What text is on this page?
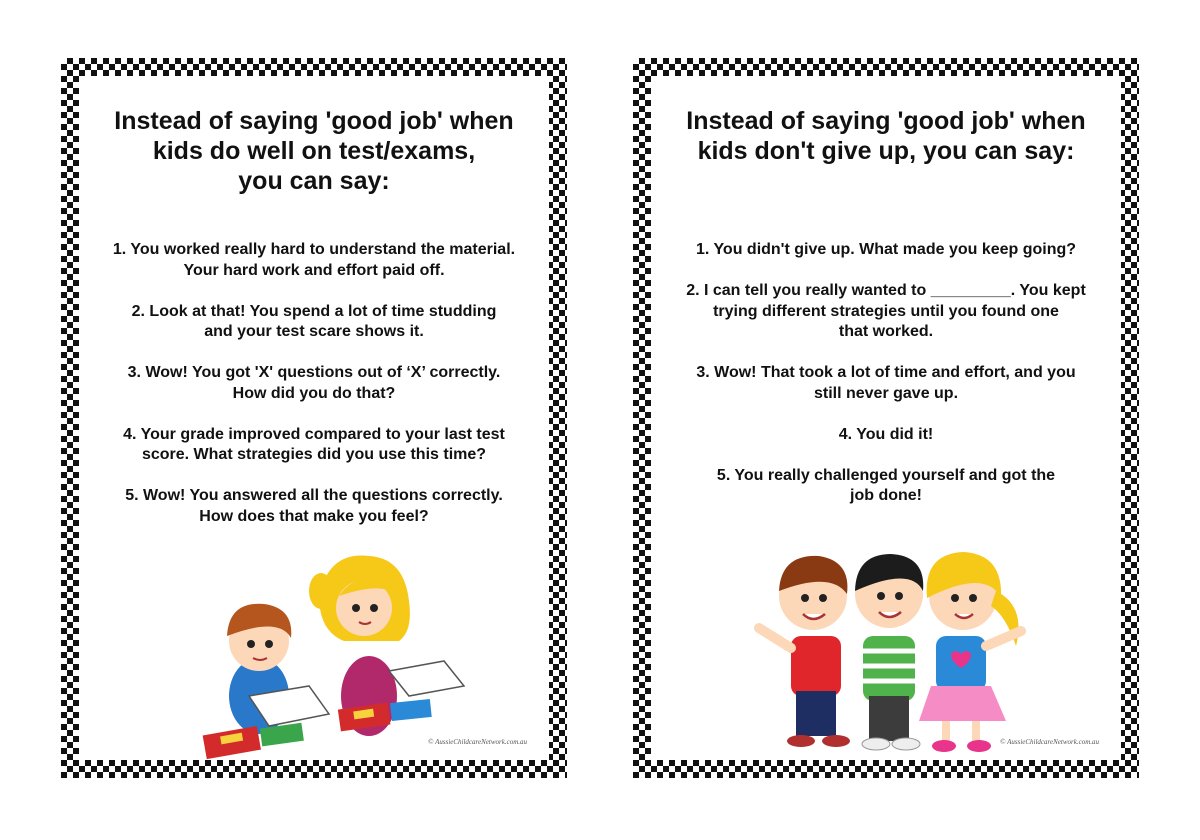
Instead of saying 'good job' when
kids do well on test/exams,
you can say:
1. You worked really hard to understand the material.
Your hard work and effort paid off.
2. Look at that! You spend a lot of time studding
and your test scare shows it.
3. Wow! You got 'X' questions out of ‘X’ correctly.
How did you do that?
4. Your grade improved compared to your last test
score. What strategies did you use this time?
5. Wow! You answered all the questions correctly.
How does that make you feel?
© AussieChildcareNetwork.com.au
Instead of saying 'good job' when
kids don't give up, you can say:
1. You didn't give up. What made you keep going?
2. I can tell you really wanted to _________. You kept
trying different strategies until you found one
that worked.
3. Wow! That took a lot of time and effort, and you
still never gave up.
4. You did it!
5. You really challenged yourself and got the
job done!
© AussieChildcareNetwork.com.au
